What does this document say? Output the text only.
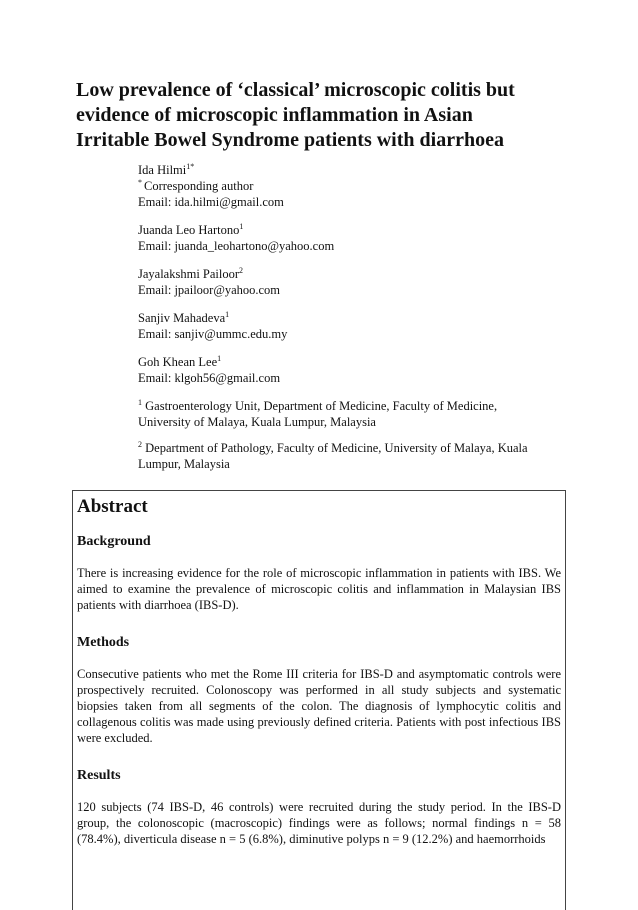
Low prevalence of ‘classical’ microscopic colitis but
evidence of microscopic inflammation in Asian
Irritable Bowel Syndrome patients with diarrhoea
Ida Hilmi$^{1*}$
* Corresponding author
Email: ida.hilmi@gmail.com
Juanda Leo Hartono$^1$
Email: juanda_leohartono@yahoo.com
Jayalakshmi Pailoor$^2$
Email: jpailoor@yahoo.com
Sanjiv Mahadeva$^1$
Email: sanjiv@ummc.edu.my
Goh Khean Lee$^1$
Email: klgoh56@gmail.com
$^1$ Gastroenterology Unit, Department of Medicine, Faculty of Medicine,
University of Malaya, Kuala Lumpur, Malaysia
$^2$ Department of Pathology, Faculty of Medicine, University of Malaya, Kuala
Lumpur, Malaysia
Abstract
Background

There is increasing evidence for the role of microscopic inflammation in patients with IBS. We aimed to examine the prevalence of microscopic colitis and inflammation in Malaysian IBS patients with diarrhoea (IBS-D).

Methods

Consecutive patients who met the Rome III criteria for IBS-D and asymptomatic controls were prospectively recruited. Colonoscopy was performed in all study subjects and systematic biopsies taken from all segments of the colon. The diagnosis of lymphocytic colitis and collagenous colitis was made using previously defined criteria. Patients with post infectious IBS were excluded.

Results

120 subjects (74 IBS-D, 46 controls) were recruited during the study period. In the IBS-D group, the colonoscopic (macroscopic) findings were as follows; normal findings n = 58 (78.4%), diverticula disease n = 5 (6.8%), diminutive polyps n = 9 (12.2%) and haemorrhoids
